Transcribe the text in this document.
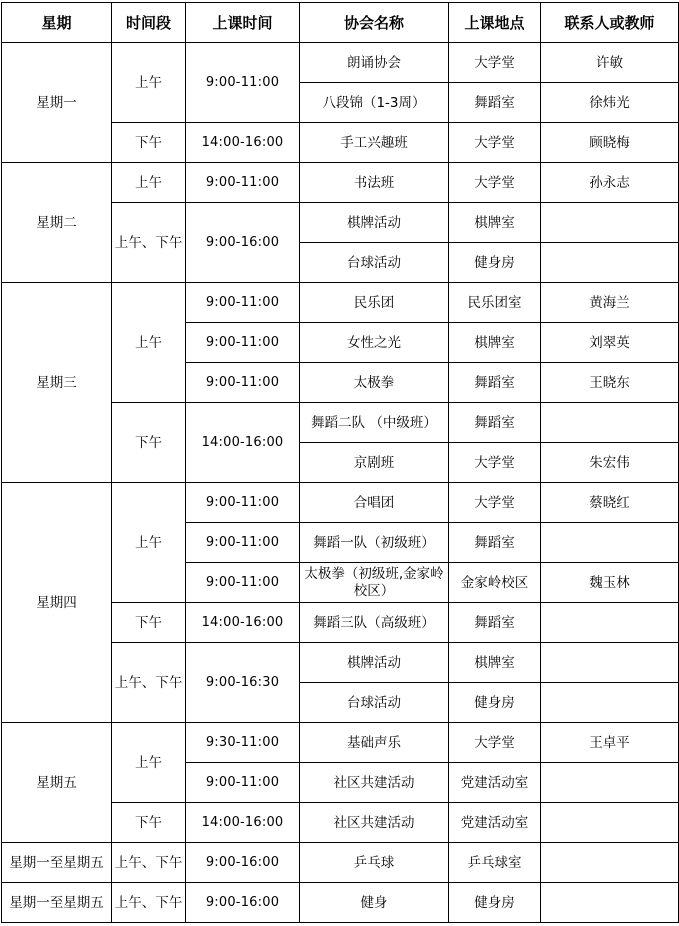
星期	时间段	上课时间	协会名称	上课地点	联系人或教师
星期一	上午	9:00-11:00	朗诵协会	大学堂	许敏
			八段锦（1-3周）	舞蹈室	徐炜光
	下午	14:00-16:00	手工兴趣班	大学堂	顾晓梅
星期二	上午	9:00-11:00	书法班	大学堂	孙永志
	上午、下午	9:00-16:00	棋牌活动	棋牌室	
			台球活动	健身房	
星期三	上午	9:00-11:00	民乐团	民乐团室	黄海兰
		9:00-11:00	女性之光	棋牌室	刘翠英
		9:00-11:00	太极拳	舞蹈室	王晓东
	下午	14:00-16:00	舞蹈二队 （中级班）	舞蹈室	
			京剧班	大学堂	朱宏伟
星期四	上午	9:00-11:00	合唱团	大学堂	蔡晓红
		9:00-11:00	舞蹈一队（初级班）	舞蹈室	
		9:00-11:00	太极拳（初级班,金家岭校区）	金家岭校区	魏玉林
	下午	14:00-16:00	舞蹈三队（高级班）	舞蹈室	
	上午、下午	9:00-16:30	棋牌活动	棋牌室	
			台球活动	健身房	
星期五	上午	9:30-11:00	基础声乐	大学堂	王卓平
		9:00-11:00	社区共建活动	党建活动室	
	下午	14:00-16:00	社区共建活动	党建活动室	
星期一至星期五	上午、下午	9:00-16:00	乒乓球	乒乓球室	
星期一至星期五	上午、下午	9:00-16:00	健身	健身房	
